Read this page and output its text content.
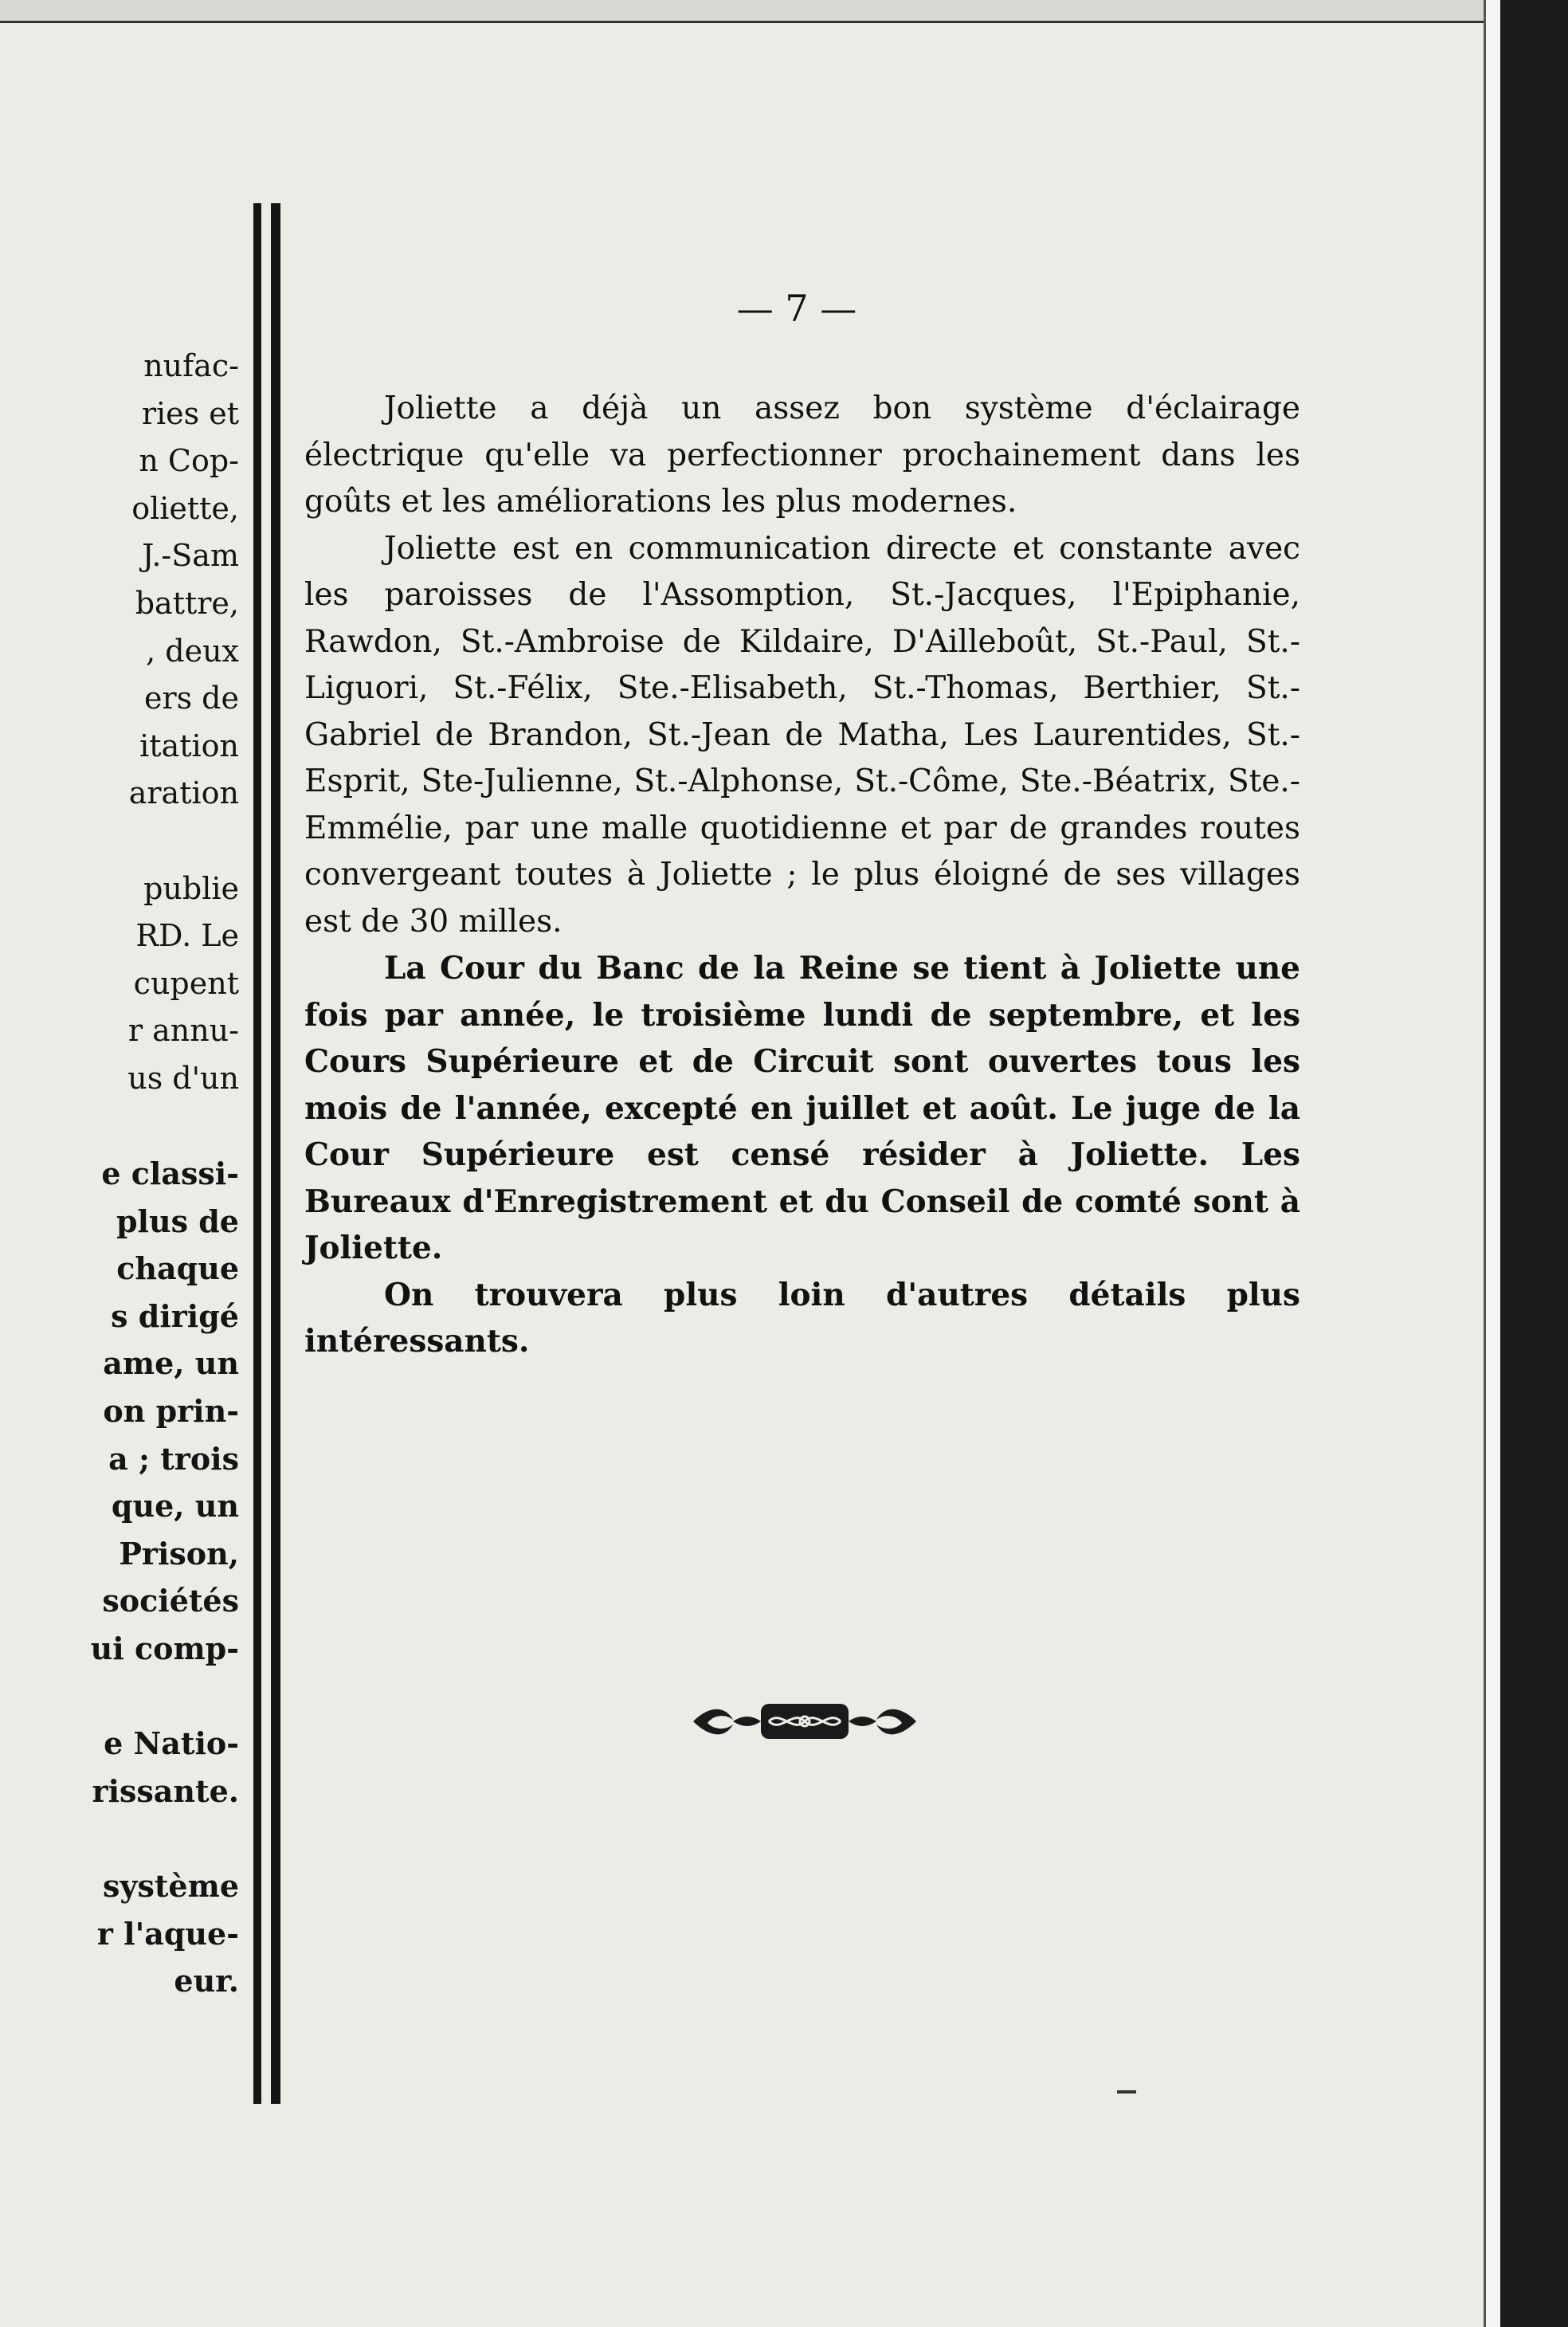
nufac-
ries et
n Cop-
oliette,
J.-Sam
battre,
, deux
ers de
itation
aration
publie
RD. Le
cupent
r annu-
us d'un
e classi-
plus de
chaque
s dirigé
ame, un
on prin-
a ; trois
que, un
Prison,
sociétés
ui comp-
e Natio-
rissante.
système
r l'aque-
eur.
— 7 —

Joliette a déjà un assez bon système d'éclairage électrique qu'elle va perfectionner prochainement dans les goûts et les améliorations les plus modernes.

Joliette est en communication directe et constante avec les paroisses de l'Assomption, St.-Jacques, l'Epiphanie, Rawdon, St.-Ambroise de Kildaire, D'Ailleboût, St.-Paul, St.-Liguori, St.-Félix, Ste.-Elisabeth, St.-Thomas, Berthier, St.-Gabriel de Brandon, St.-Jean de Matha, Les Laurentides, St.-Esprit, Ste-Julienne, St.-Alphonse, St.-Côme, Ste.-Béatrix, Ste.-Emmélie, par une malle quotidienne et par de grandes routes convergeant toutes à Joliette ; le plus éloigné de ses villages est de 30 milles.

La Cour du Banc de la Reine se tient à Joliette une fois par année, le troisième lundi de septembre, et les Cours Supérieure et de Circuit sont ouvertes tous les mois de l'année, excepté en juillet et août. Le juge de la Cour Supérieure est censé résider à Joliette. Les Bureaux d'Enregistrement et du Conseil de comté sont à Joliette.

On trouvera plus loin d'autres détails plus intéressants.
